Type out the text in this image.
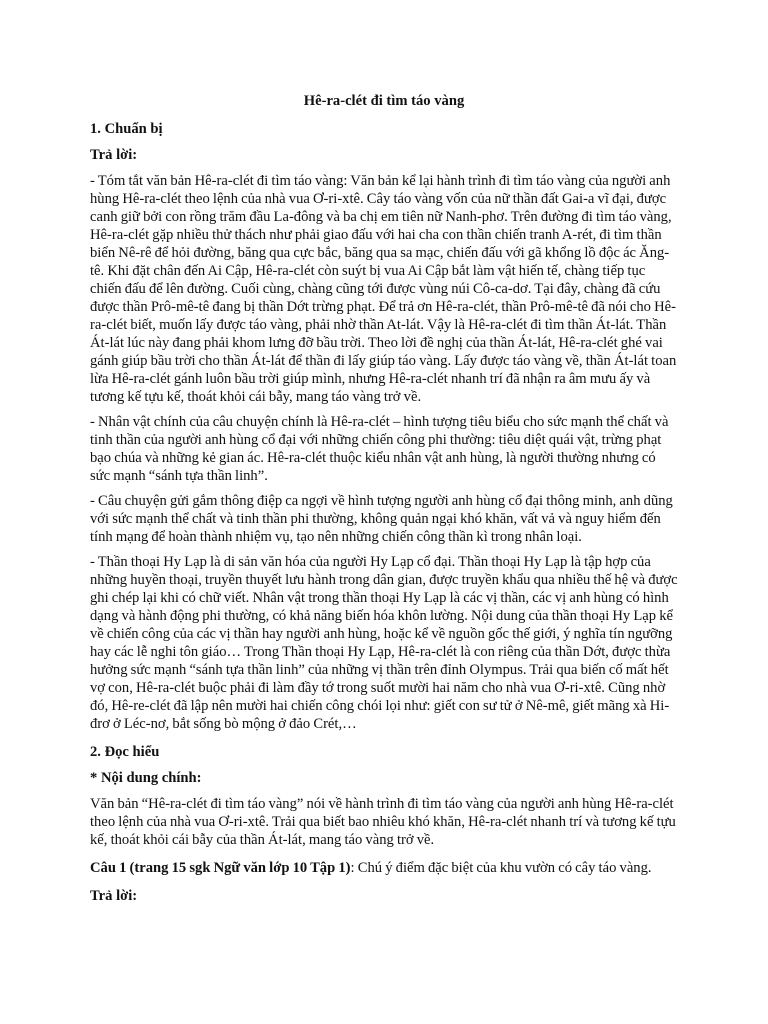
Hê-ra-clét đi tìm táo vàng

1. Chuẩn bị

Trả lời:

- Tóm tắt văn bản Hê-ra-clét đi tìm táo vàng: Văn bản kể lại hành trình đi tìm táo vàng của người anh hùng Hê-ra-clét theo lệnh của nhà vua Ơ-ri-xtê. Cây táo vàng vốn của nữ thần đất Gai-a vĩ đại, được canh giữ bởi con rồng trăm đầu La-đông và ba chị em tiên nữ Nanh-phơ. Trên đường đi tìm táo vàng, Hê-ra-clét gặp nhiều thử thách như phải giao đấu với hai cha con thần chiến tranh A-rét, đi tìm thần biển Nê-rê để hỏi đường, băng qua cực bắc, băng qua sa mạc, chiến đấu với gã khổng lồ độc ác Ăng-tê. Khi đặt chân đến Ai Cập, Hê-ra-clét còn suýt bị vua Ai Cập bắt làm vật hiến tế, chàng tiếp tục chiến đấu để lên đường. Cuối cùng, chàng cũng tới được vùng núi Cô-ca-dơ. Tại đây, chàng đã cứu được thần Prô-mê-tê đang bị thần Dớt trừng phạt. Để trả ơn Hê-ra-clét, thần Prô-mê-tê đã nói cho Hê-ra-clét biết, muốn lấy được táo vàng, phải nhờ thần At-lát. Vậy là Hê-ra-clét đi tìm thần Át-lát. Thần Át-lát lúc này đang phải khom lưng đỡ bầu trời. Theo lời đề nghị của thần Át-lát, Hê-ra-clét ghé vai gánh giúp bầu trời cho thần Át-lát để thần đi lấy giúp táo vàng. Lấy được táo vàng về, thần Át-lát toan lừa Hê-ra-clét gánh luôn bầu trời giúp mình, nhưng Hê-ra-clét nhanh trí đã nhận ra âm mưu ấy và tương kế tựu kế, thoát khỏi cái bẫy, mang táo vàng trở về.

- Nhân vật chính của câu chuyện chính là Hê-ra-clét – hình tượng tiêu biểu cho sức mạnh thể chất và tinh thần của người anh hùng cổ đại với những chiến công phi thường: tiêu diệt quái vật, trừng phạt bạo chúa và những kẻ gian ác. Hê-ra-clét thuộc kiểu nhân vật anh hùng, là người thường nhưng có sức mạnh “sánh tựa thần linh”.

- Câu chuyện gửi gắm thông điệp ca ngợi về hình tượng người anh hùng cổ đại thông minh, anh dũng với sức mạnh thể chất và tinh thần phi thường, không quản ngại khó khăn, vất vả và nguy hiểm đến tính mạng để hoàn thành nhiệm vụ, tạo nên những chiến công thần kì trong nhân loại.

- Thần thoại Hy Lạp là di sản văn hóa của người Hy Lạp cổ đại. Thần thoại Hy Lạp là tập hợp của những huyền thoại, truyền thuyết lưu hành trong dân gian, được truyền khẩu qua nhiều thế hệ và được ghi chép lại khi có chữ viết. Nhân vật trong thần thoại Hy Lạp là các vị thần, các vị anh hùng có hình dạng và hành động phi thường, có khả năng biến hóa khôn lường. Nội dung của thần thoại Hy Lạp kể về chiến công của các vị thần hay người anh hùng, hoặc kể về nguồn gốc thế giới, ý nghĩa tín ngưỡng hay các lễ nghi tôn giáo… Trong Thần thoại Hy Lạp, Hê-ra-clét là con riêng của thần Dớt, được thừa hưởng sức mạnh “sánh tựa thần linh” của những vị thần trên đỉnh Olympus. Trải qua biến cố mất hết vợ con, Hê-ra-clét buộc phải đi làm đầy tớ trong suốt mười hai năm cho nhà vua Ơ-ri-xtê. Cũng nhờ đó, Hê-re-clét đã lập nên mười hai chiến công chói lọi như: giết con sư tử ở Nê-mê, giết mãng xà Hi-đrơ ở Léc-nơ, bắt sống bò mộng ở đảo Crét,…

2. Đọc hiểu

* Nội dung chính:

Văn bản “Hê-ra-clét đi tìm táo vàng” nói về hành trình đi tìm táo vàng của người anh hùng Hê-ra-clét theo lệnh của nhà vua Ơ-ri-xtê. Trải qua biết bao nhiêu khó khăn, Hê-ra-clét nhanh trí và tương kế tựu kế, thoát khỏi cái bẫy của thần Át-lát, mang táo vàng trở về.

Câu 1 (trang 15 sgk Ngữ văn lớp 10 Tập 1): Chú ý điểm đặc biệt của khu vườn có cây táo vàng.

Trả lời:
